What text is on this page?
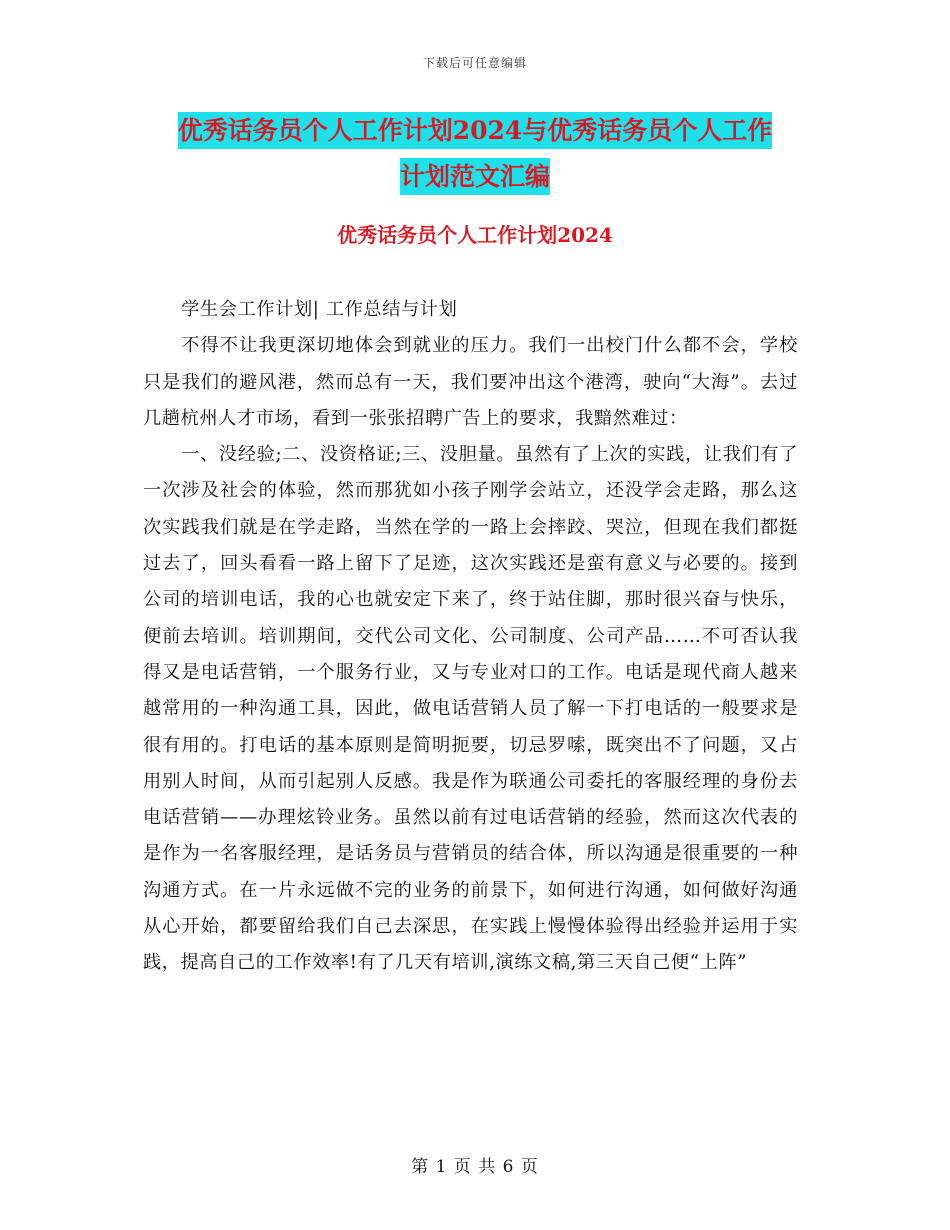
下载后可任意编辑
优秀话务员个人工作计划2024与优秀话务员个人工作
计划范文汇编
优秀话务员个人工作计划2024

学生会工作计划| 工作总结与计划

不得不让我更深切地体会到就业的压力。我们一出校门什么都不会，学校只是我们的避风港，然而总有一天，我们要冲出这个港湾，驶向“大海”。去过几趟杭州人才市场，看到一张张招聘广告上的要求，我黯然难过：

一、没经验;二、没资格证;三、没胆量。虽然有了上次的实践，让我们有了一次涉及社会的体验，然而那犹如小孩子刚学会站立，还没学会走路，那么这次实践我们就是在学走路，当然在学的一路上会摔跤、哭泣，但现在我们都挺过去了，回头看看一路上留下了足迹，这次实践还是蛮有意义与必要的。接到公司的培训电话，我的心也就安定下来了，终于站住脚，那时很兴奋与快乐，便前去培训。培训期间，交代公司文化、公司制度、公司产品……不可否认我得又是电话营销，一个服务行业，又与专业对口的工作。电话是现代商人越来越常用的一种沟通工具，因此，做电话营销人员了解一下打电话的一般要求是很有用的。打电话的基本原则是简明扼要，切忌罗嗦，既突出不了问题，又占用别人时间，从而引起别人反感。我是作为联通公司委托的客服经理的身份去电话营销——办理炫铃业务。虽然以前有过电话营销的经验，然而这次代表的是作为一名客服经理，是话务员与营销员的结合体，所以沟通是很重要的一种沟通方式。在一片永远做不完的业务的前景下，如何进行沟通，如何做好沟通从心开始，都要留给我们自己去深思，在实践上慢慢体验得出经验并运用于实践，提高自己的工作效率!有了几天有培训,演练文稿,第三天自己便“上阵”

第 1 页 共 6 页
